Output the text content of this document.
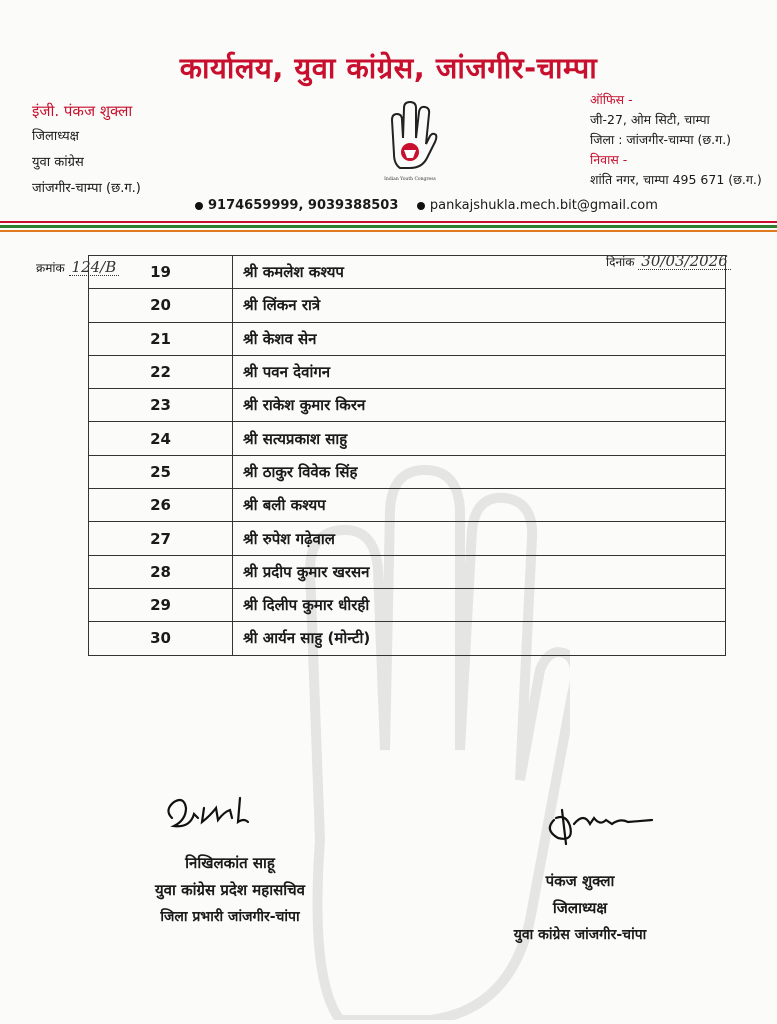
कार्यालय, युवा कांग्रेस, जांजगीर-चाम्पा
इंजी. पंकज शुक्ला
जिलाध्यक्ष
युवा कांग्रेस
जांजगीर-चाम्पा (छ.ग.)
Indian Youth Congress
ऑफिस -
जी-27, ओम सिटी, चाम्पा
जिला : जांजगीर-चाम्पा (छ.ग.)
निवास -
शांति नगर, चाम्पा 495 671 (छ.ग.)
9174659999, 9039388503 pankajshukla.mech.bit@gmail.com
क्रमांक 124/B	दिनांक 30/03/2026
19	श्री कमलेश कश्यप
20	श्री लिंकन रात्रे
21	श्री केशव सेन
22	श्री पवन देवांगन
23	श्री राकेश कुमार किरन
24	श्री सत्यप्रकाश साहु
25	श्री ठाकुर विवेक सिंह
26	श्री बली कश्यप
27	श्री रुपेश गढ़ेवाल
28	श्री प्रदीप कुमार खरसन
29	श्री दिलीप कुमार धीरही
30	श्री आर्यन साहु (मोन्टी)
निखिलकांत साहू
युवा कांग्रेस प्रदेश महासचिव
जिला प्रभारी जांजगीर-चांपा
पंकज शुक्ला
जिलाध्यक्ष
युवा कांग्रेस जांजगीर-चांपा
